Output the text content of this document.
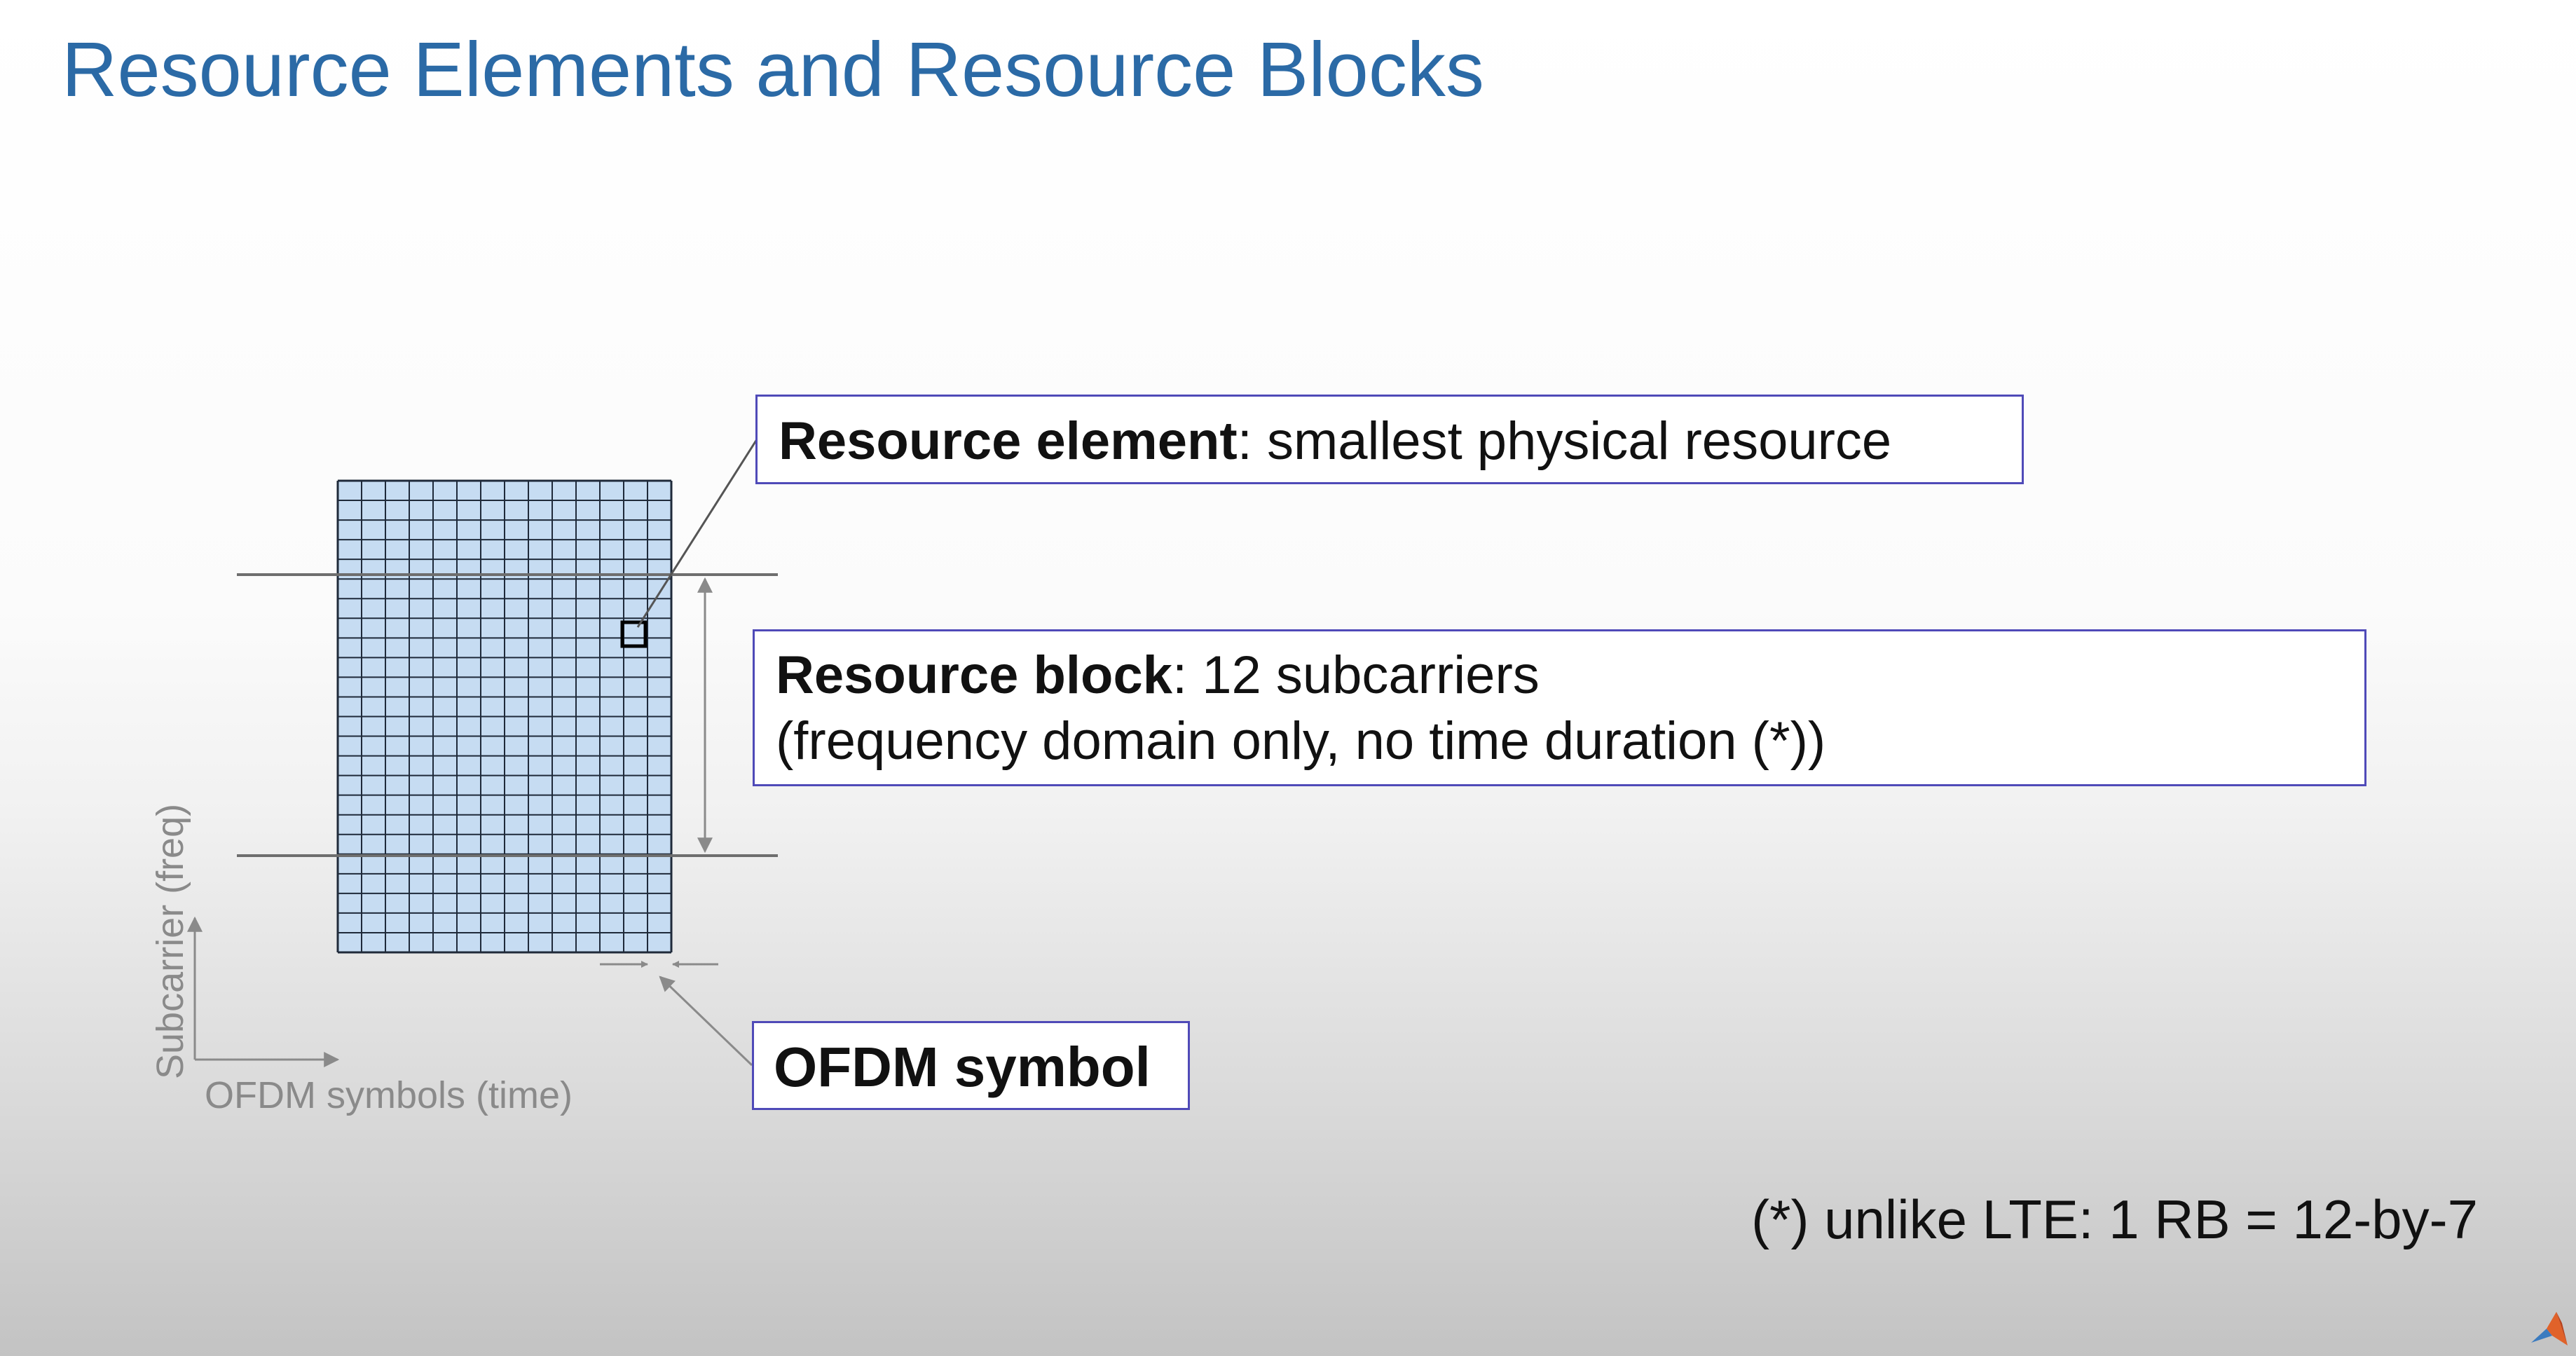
Resource Elements and Resource Blocks
Resource element: smallest physical resource
Resource block: 12 subcarriers
(frequency domain only, no time duration (*))
OFDM symbol
OFDM symbols (time)
Subcarrier (freq)
(*) unlike LTE: 1 RB = 12-by-7
